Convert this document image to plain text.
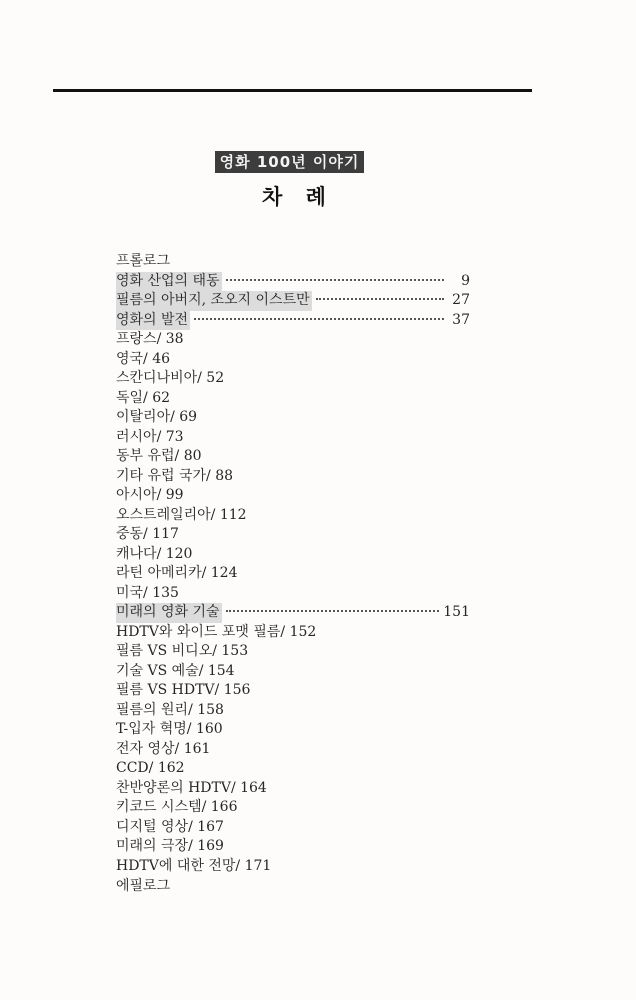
영화 100년 이야기
차 례
프롤로그
영화 산업의 태동	9
필름의 아버지, 조오지 이스트만	27
영화의 발전	37
프랑스/ 38
영국/ 46
스칸디나비아/ 52
독일/ 62
이탈리아/ 69
러시아/ 73
동부 유럽/ 80
기타 유럽 국가/ 88
아시아/ 99
오스트레일리아/ 112
중동/ 117
캐나다/ 120
라틴 아메리카/ 124
미국/ 135
미래의 영화 기술	151
HDTV와 와이드 포맷 필름/ 152
필름 VS 비디오/ 153
기술 VS 예술/ 154
필름 VS HDTV/ 156
필름의 원리/ 158
T-입자 혁명/ 160
전자 영상/ 161
CCD/ 162
찬반양론의 HDTV/ 164
키코드 시스템/ 166
디지털 영상/ 167
미래의 극장/ 169
HDTV에 대한 전망/ 171
에필로그
